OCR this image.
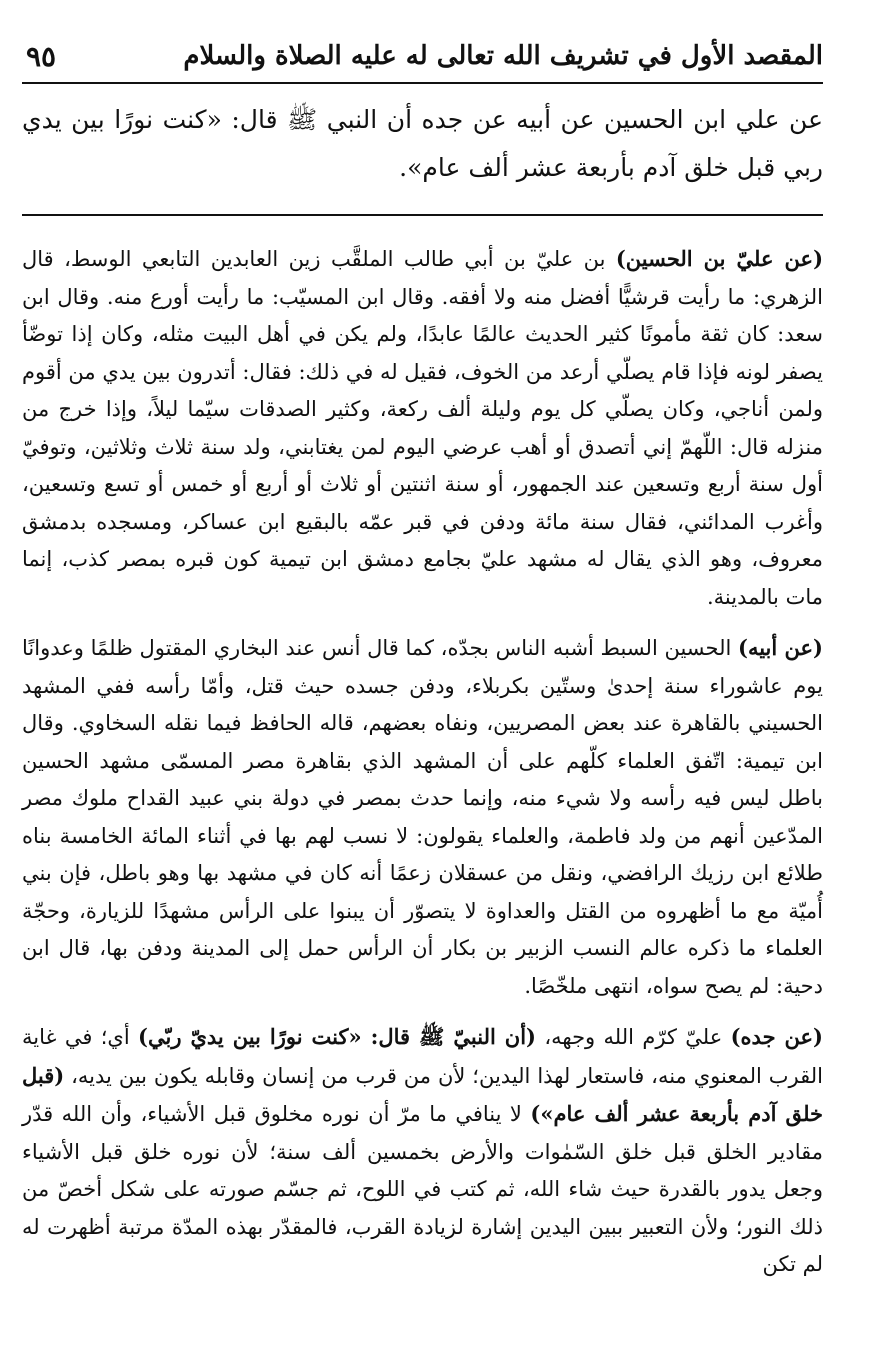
المقصد الأول في تشريف الله تعالى له عليه الصلاة والسلام
٩٥
عن علي ابن الحسين عن أبيه عن جده أن النبي ﷺ قال: «كنت نورًا بين يدي ربي قبل خلق آدم بأربعة عشر ألف عام».

(عن عليّ بن الحسين) بن عليّ بن أبي طالب الملقَّب زين العابدين التابعي الوسط، قال الزهري: ما رأيت قرشيًّا أفضل منه ولا أفقه. وقال ابن المسيّب: ما رأيت أورع منه. وقال ابن سعد: كان ثقة مأمونًا كثير الحديث عالمًا عابدًا، ولم يكن في أهل البيت مثله، وكان إذا توضّأ يصفر لونه فإذا قام يصلّي أرعد من الخوف، فقيل له في ذلك: فقال: أتدرون بين يدي من أقوم ولمن أناجي، وكان يصلّي كل يوم وليلة ألف ركعة، وكثير الصدقات سيّما ليلاً، وإذا خرج من منزله قال: اللّهمّ إني أتصدق أو أهب عرضي اليوم لمن يغتابني، ولد سنة ثلاث وثلاثين، وتوفيّ أول سنة أربع وتسعين عند الجمهور، أو سنة اثنتين أو ثلاث أو أربع أو خمس أو تسع وتسعين، وأغرب المدائني، فقال سنة مائة ودفن في قبر عمّه بالبقيع ابن عساكر، ومسجده بدمشق معروف، وهو الذي يقال له مشهد عليّ بجامع دمشق ابن تيمية كون قبره بمصر كذب، إنما مات بالمدينة.

(عن أبيه) الحسين السبط أشبه الناس بجدّه، كما قال أنس عند البخاري المقتول ظلمًا وعدوانًا يوم عاشوراء سنة إحدىٰ وستّين بكربلاء، ودفن جسده حيث قتل، وأمّا رأسه ففي المشهد الحسيني بالقاهرة عند بعض المصريين، ونفاه بعضهم، قاله الحافظ فيما نقله السخاوي. وقال ابن تيمية: اتّفق العلماء كلّهم على أن المشهد الذي بقاهرة مصر المسمّى مشهد الحسين باطل ليس فيه رأسه ولا شيء منه، وإنما حدث بمصر في دولة بني عبيد القداح ملوك مصر المدّعين أنهم من ولد فاطمة، والعلماء يقولون: لا نسب لهم بها في أثناء المائة الخامسة بناه طلائع ابن رزيك الرافضي، ونقل من عسقلان زعمًا أنه كان في مشهد بها وهو باطل، فإن بني أُميّة مع ما أظهروه من القتل والعداوة لا يتصوّر أن يبنوا على الرأس مشهدًا للزيارة، وحجّة العلماء ما ذكره عالم النسب الزبير بن بكار أن الرأس حمل إلى المدينة ودفن بها، قال ابن دحية: لم يصح سواه، انتهى ملخّصًا.

(عن جده) عليّ كرّم الله وجهه، (أن النبيّ ﷺ قال: «كنت نورًا بين يديّ ربّي) أي؛ في غاية القرب المعنوي منه، فاستعار لهذا اليدين؛ لأن من قرب من إنسان وقابله يكون بين يديه، (قبل خلق آدم بأربعة عشر ألف عام») لا ينافي ما مرّ أن نوره مخلوق قبل الأشياء، وأن الله قدّر مقادير الخلق قبل خلق السّمٰوات والأرض بخمسين ألف سنة؛ لأن نوره خلق قبل الأشياء وجعل يدور بالقدرة حيث شاء الله، ثم كتب في اللوح، ثم جسّم صورته على شكل أخصّ من ذلك النور؛ ولأن التعبير ببين اليدين إشارة لزيادة القرب، فالمقدّر بهذه المدّة مرتبة أظهرت له لم تكن
